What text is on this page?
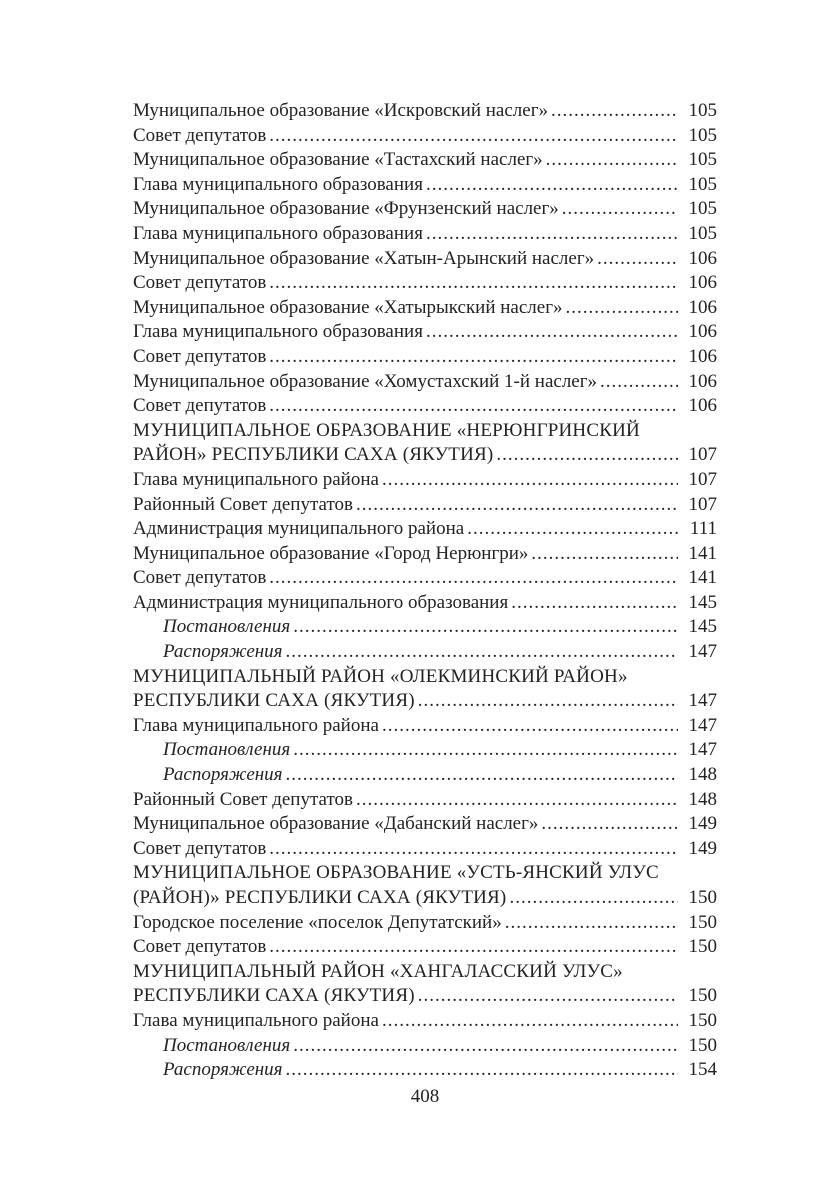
Муниципальное образование «Искровский наслег» .....	105
Совет депутатов .....	105
Муниципальное образование «Тастахский наслег» .....	105
Глава муниципального образования .....	105
Муниципальное образование «Фрунзенский наслег» .....	105
Глава муниципального образования .....	105
Муниципальное образование «Хатын-Арынский наслег» .....	106
Совет депутатов .....	106
Муниципальное образование «Хатырыкский наслег» .....	106
Глава муниципального образования .....	106
Совет депутатов .....	106
Муниципальное образование «Хомустахский 1-й наслег» .....	106
Совет депутатов .....	106
МУНИЦИПАЛЬНОЕ ОБРАЗОВАНИЕ «НЕРЮНГРИНСКИЙ
РАЙОН» РЕСПУБЛИКИ САХА (ЯКУТИЯ) .....	107
Глава муниципального района .....	107
Районный Совет депутатов .....	107
Администрация муниципального района .....	111
Муниципальное образование «Город Нерюнгри» .....	141
Совет депутатов .....	141
Администрация муниципального образования .....	145
Постановления .....	145
Распоряжения .....	147
МУНИЦИПАЛЬНЫЙ РАЙОН «ОЛЕКМИНСКИЙ РАЙОН»
РЕСПУБЛИКИ САХА (ЯКУТИЯ) .....	147
Глава муниципального района .....	147
Постановления .....	147
Распоряжения .....	148
Районный Совет депутатов .....	148
Муниципальное образование «Дабанский наслег» .....	149
Совет депутатов .....	149
МУНИЦИПАЛЬНОЕ ОБРАЗОВАНИЕ «УСТЬ-ЯНСКИЙ УЛУС
(РАЙОН)» РЕСПУБЛИКИ САХА (ЯКУТИЯ) .....	150
Городское поселение «поселок Депутатский» .....	150
Совет депутатов .....	150
МУНИЦИПАЛЬНЫЙ РАЙОН «ХАНГАЛАССКИЙ УЛУС»
РЕСПУБЛИКИ САХА (ЯКУТИЯ) .....	150
Глава муниципального района .....	150
Постановления .....	150
Распоряжения .....	154
408
